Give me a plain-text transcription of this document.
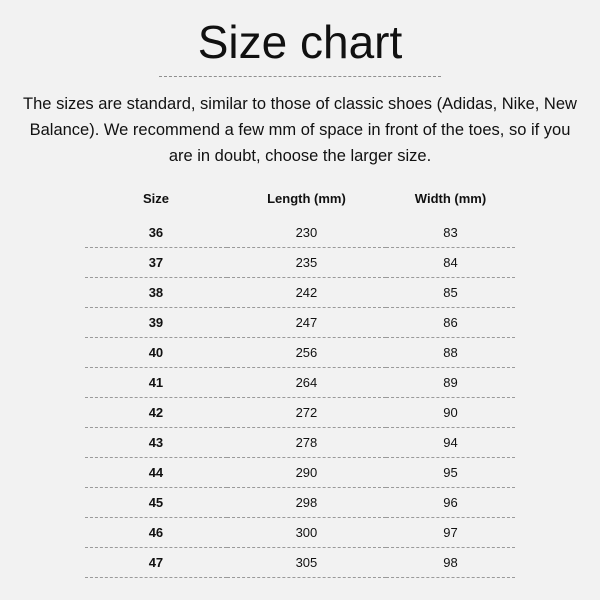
Size chart

The sizes are standard, similar to those of classic shoes (Adidas, Nike, New Balance). We recommend a few mm of space in front of the toes, so if you are in doubt, choose the larger size.

Size	Length (mm)	Width (mm)
36	230	83
37	235	84
38	242	85
39	247	86
40	256	88
41	264	89
42	272	90
43	278	94
44	290	95
45	298	96
46	300	97
47	305	98
